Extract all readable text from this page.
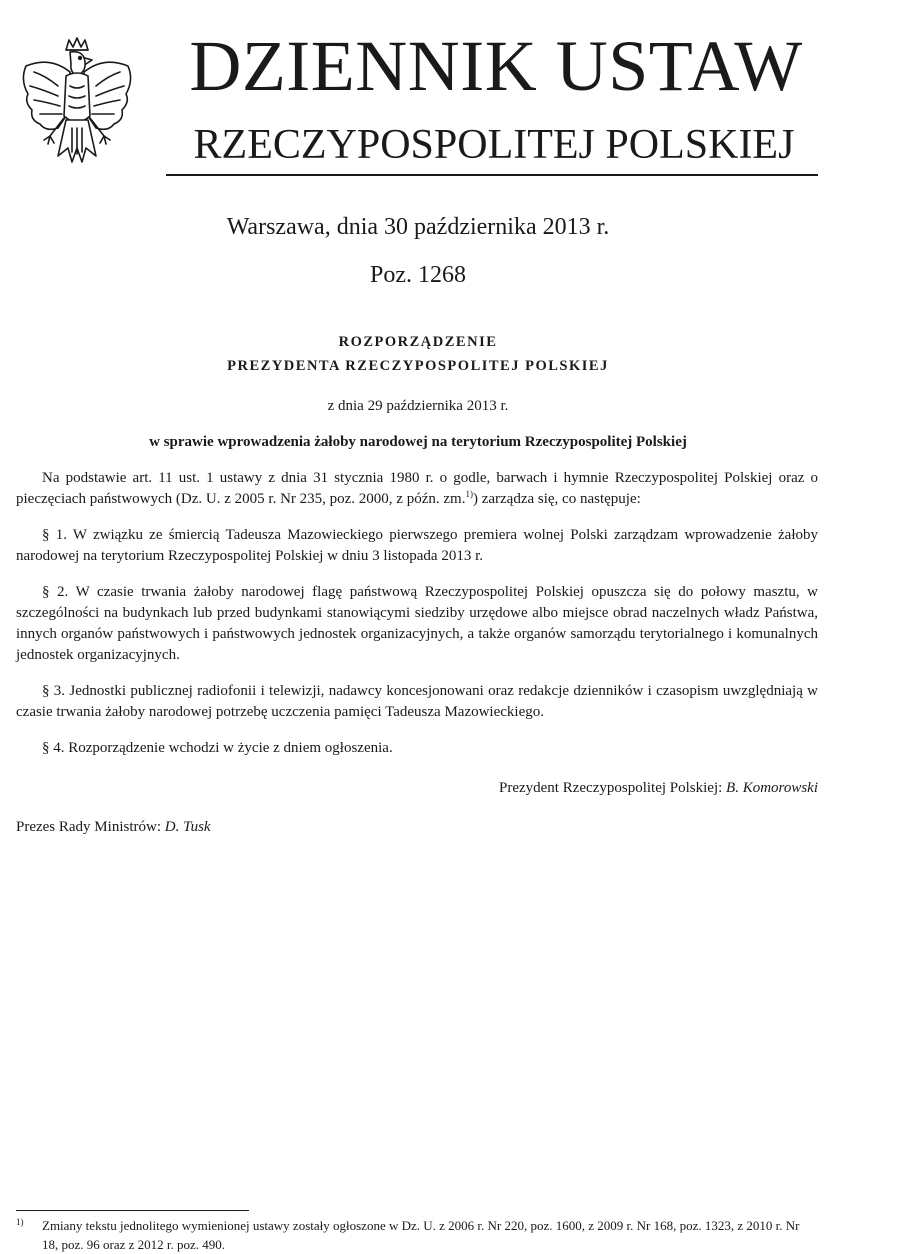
DZIENNIK USTAW
RZECZYPOSPOLITEJ POLSKIEJ
Warszawa, dnia 30 października 2013 r.
Poz. 1268
ROZPORZĄDZENIE
PREZYDENTA RZECZYPOSPOLITEJ POLSKIEJ
z dnia 29 października 2013 r.
w sprawie wprowadzenia żałoby narodowej na terytorium Rzeczypospolitej Polskiej

Na podstawie art. 11 ust. 1 ustawy z dnia 31 stycznia 1980 r. o godle, barwach i hymnie Rzeczypospolitej Polskiej oraz o pieczęciach państwowych (Dz. U. z 2005 r. Nr 235, poz. 2000, z późn. zm.$^{1)}$) zarządza się, co następuje:

§ 1. W związku ze śmiercią Tadeusza Mazowieckiego pierwszego premiera wolnej Polski zarządzam wprowadzenie żałoby narodowej na terytorium Rzeczypospolitej Polskiej w dniu 3 listopada 2013 r.

§ 2. W czasie trwania żałoby narodowej flagę państwową Rzeczypospolitej Polskiej opuszcza się do połowy masztu, w szczególności na budynkach lub przed budynkami stanowiącymi siedziby urzędowe albo miejsce obrad naczelnych władz Państwa, innych organów państwowych i państwowych jednostek organizacyjnych, a także organów samorządu terytorialnego i komunalnych jednostek organizacyjnych.

§ 3. Jednostki publicznej radiofonii i telewizji, nadawcy koncesjonowani oraz redakcje dzienników i czasopism uwzględniają w czasie trwania żałoby narodowej potrzebę uczczenia pamięci Tadeusza Mazowieckiego.

§ 4. Rozporządzenie wchodzi w życie z dniem ogłoszenia.

Prezydent Rzeczypospolitej Polskiej: B. Komorowski
Prezes Rady Ministrów: D. Tusk
1) Zmiany tekstu jednolitego wymienionej ustawy zostały ogłoszone w Dz. U. z 2006 r. Nr 220, poz. 1600, z 2009 r. Nr 168, poz. 1323, z 2010 r. Nr 18, poz. 96 oraz z 2012 r. poz. 490.
